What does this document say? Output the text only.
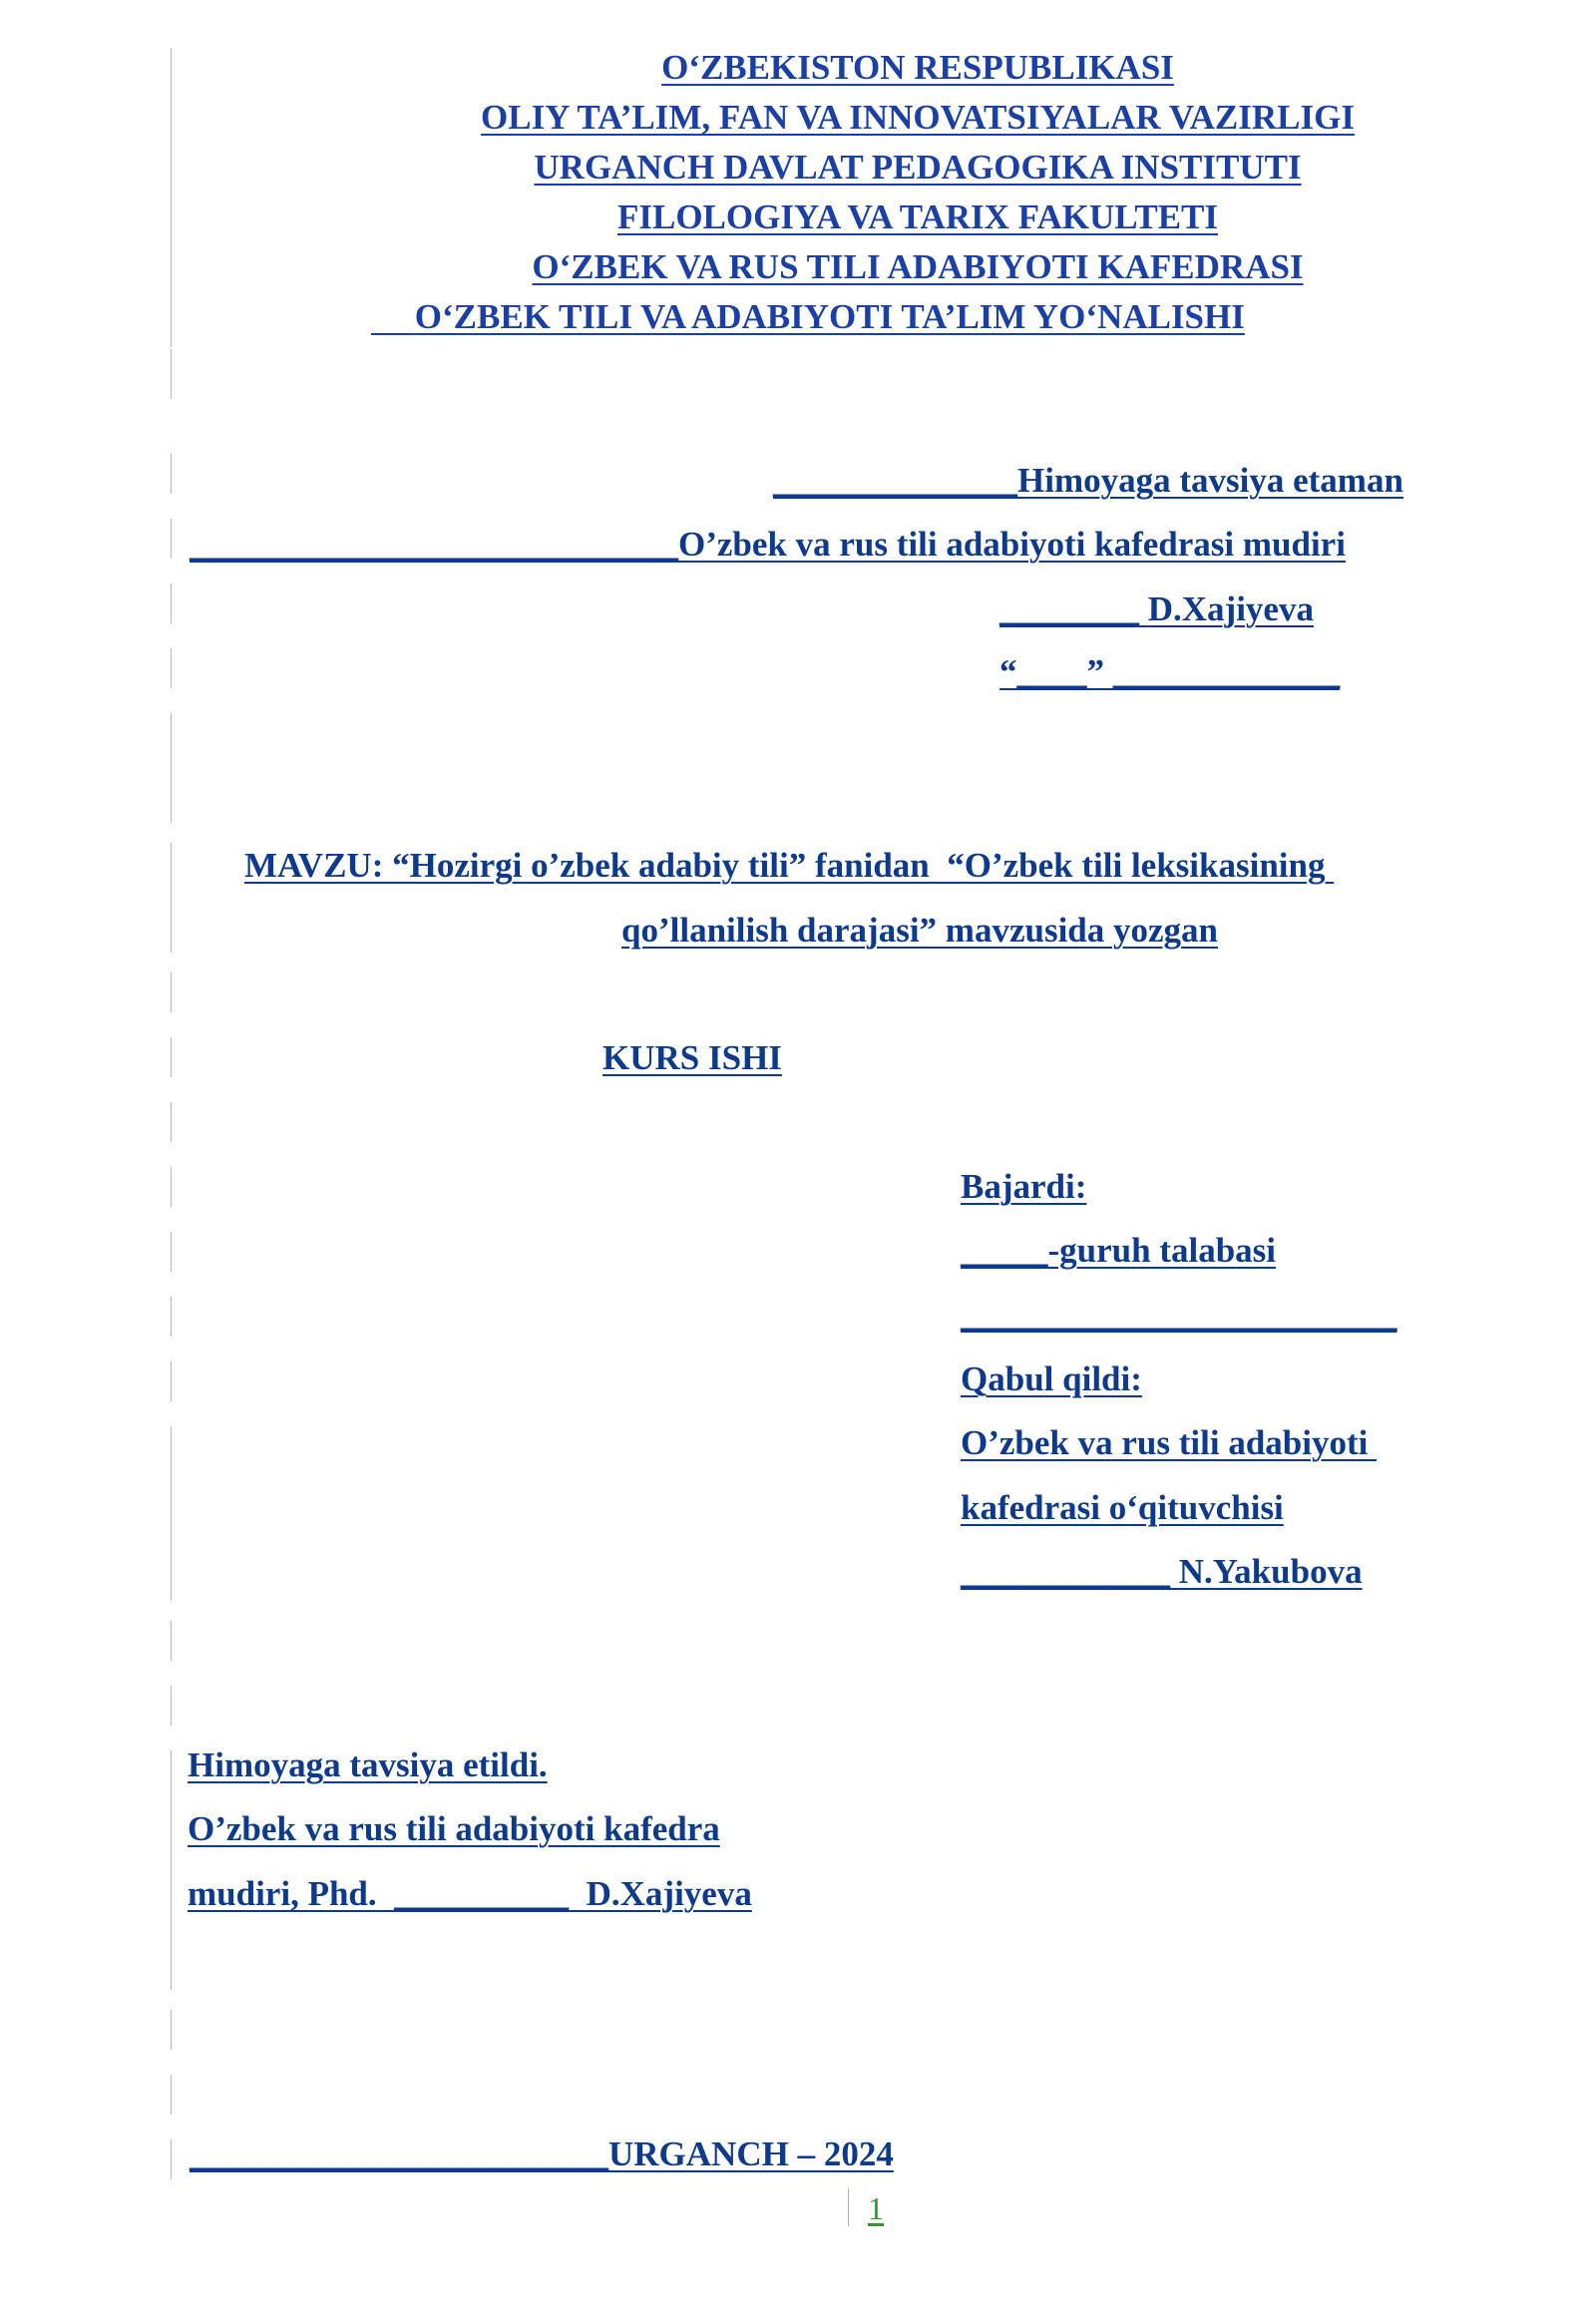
O‘ZBEKISTON RESPUBLIKASI
OLIY TA’LIM, FAN VA INNOVATSIYALAR VAZIRLIGI
URGANCH DAVLAT PEDAGOGIKA INSTITUTI
FILOLOGIYA VA TARIX FAKULTETI
O‘ZBEK VA RUS TILI ADABIYOTI KAFEDRASI
O‘ZBEK TILI VA ADABIYOTI TA’LIM YO‘NALISHI
______________Himoyaga tavsiya etaman
____________________________O’zbek va rus tili adabiyoti kafedrasi mudiri
________ D.Xajiyeva
“____” _____________
MAVZU: “Hozirgi o’zbek adabiy tili” fanidan  “O’zbek tili leksikasining
qo’llanilish darajasi” mavzusida yozgan
KURS ISHI
Bajardi:
_____-guruh talabasi
_________________________
Qabul qildi:
O’zbek va rus tili adabiyoti
kafedrasi o‘qituvchisi
____________ N.Yakubova
Himoyaga tavsiya etildi.
O’zbek va rus tili adabiyoti kafedra
mudiri, Phd.  __________  D.Xajiyeva
________________________URGANCH – 2024
1
